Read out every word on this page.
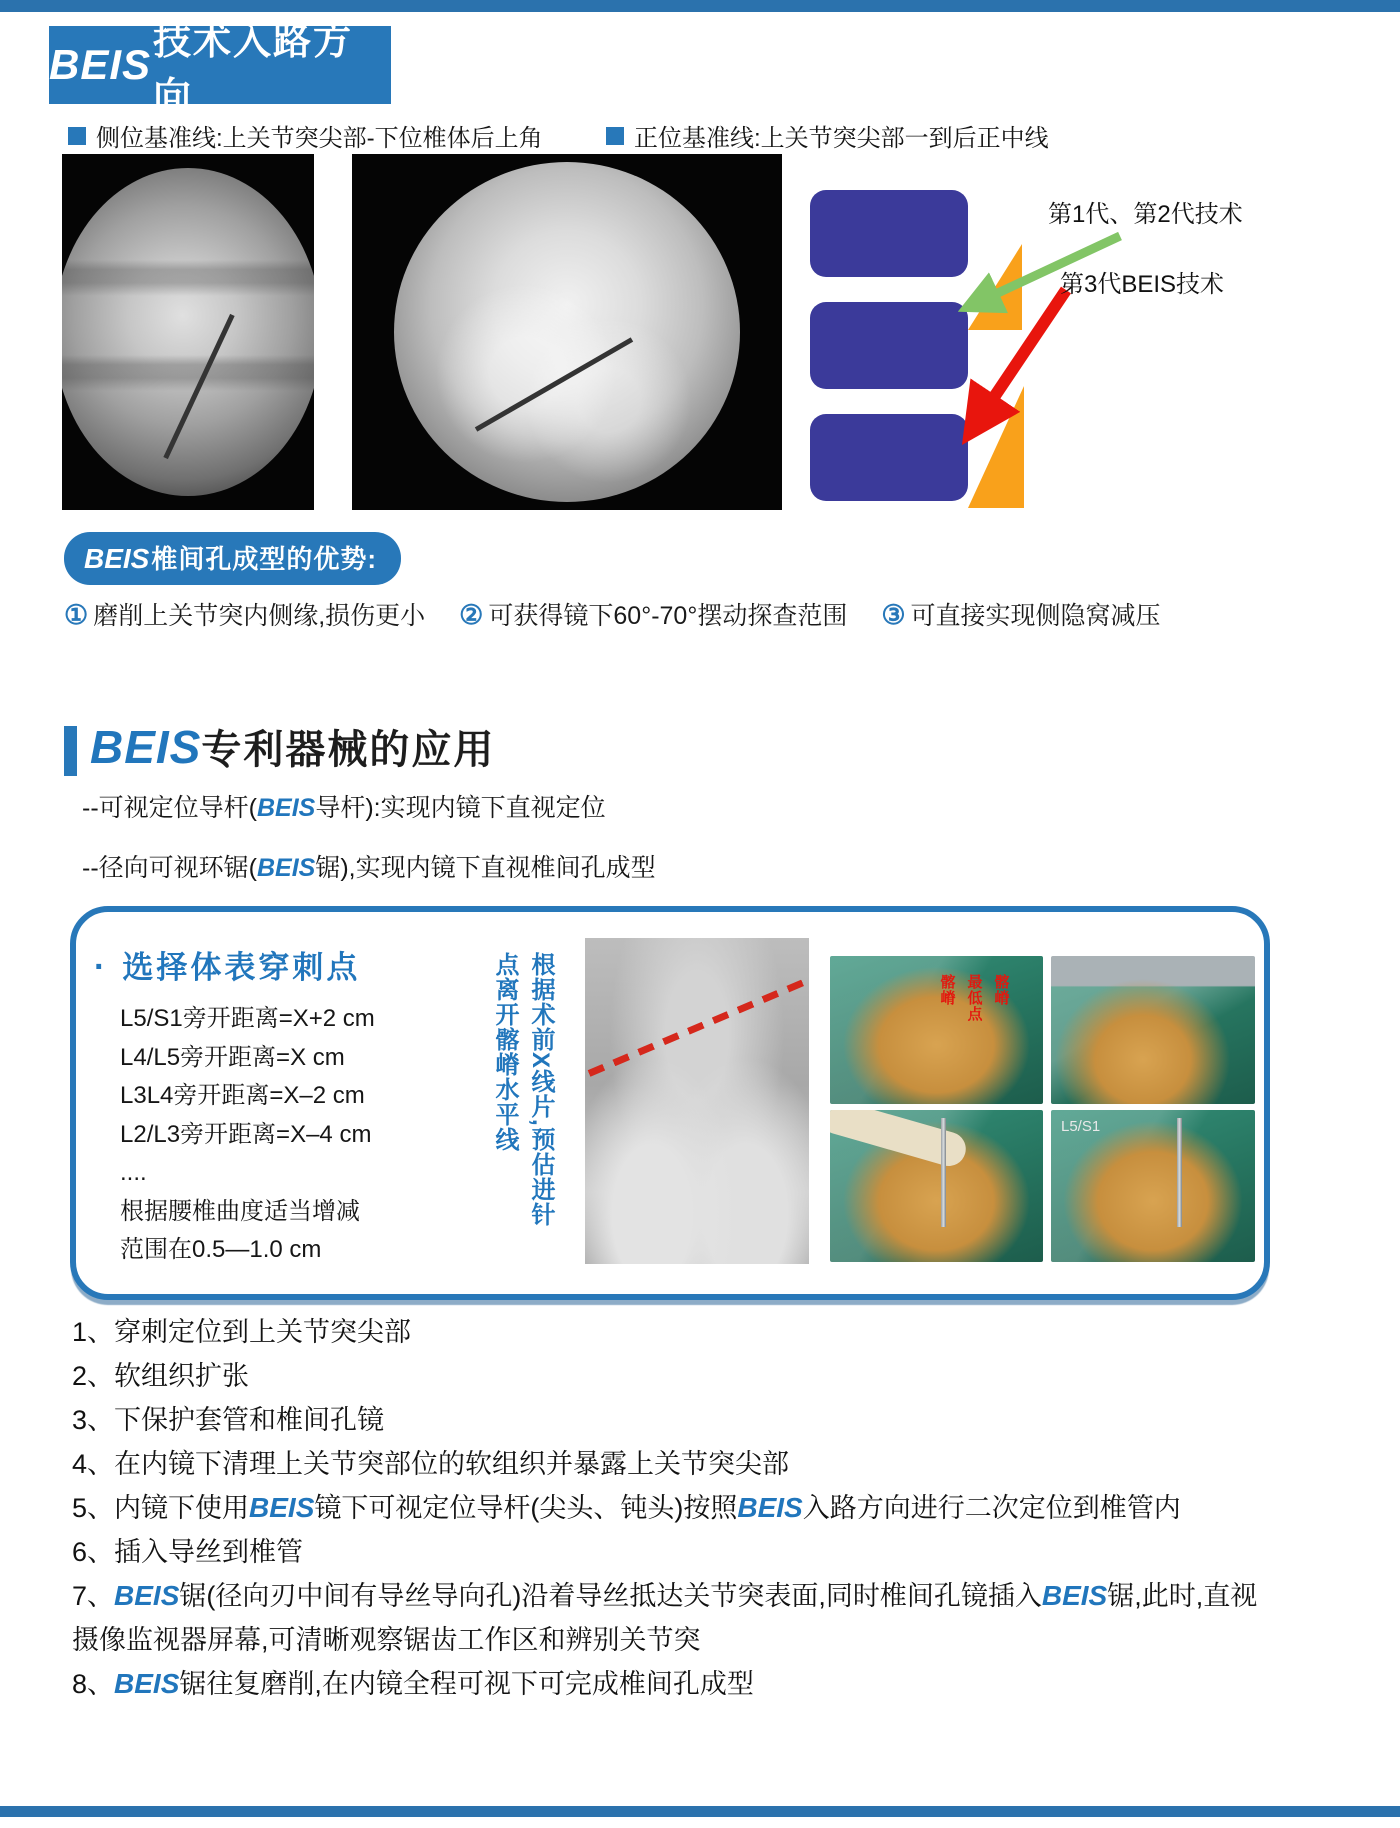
BEIS 技术入路方向
侧位基准线:上关节突尖部-下位椎体后上角	正位基准线:上关节突尖部一到后正中线
第1代、第2代技术
第3代BEIS技术
BEIS椎间孔成型的优势:
① 磨削上关节突内侧缘,损伤更小 ② 可获得镜下60°-70°摆动探查范围 ③ 可直接实现侧隐窝减压
BEIS专利器械的应用
--可视定位导杆(BEIS导杆):实现内镜下直视定位
--径向可视环锯(BEIS锯),实现内镜下直视椎间孔成型
· 选择体表穿刺点
L5/S1旁开距离=X+2 cm
L4/L5旁开距离=X cm
L3L4旁开距离=X–2 cm
L2/L3旁开距离=X–4 cm
....
根据腰椎曲度适当增减
范围在0.5—1.0 cm
根据术前X线片,预估进针
点离开髂嵴水平线	髂嵴
最低点
髂嵴
L5/S1
1、穿刺定位到上关节突尖部
2、软组织扩张
3、下保护套管和椎间孔镜
4、在内镜下清理上关节突部位的软组织并暴露上关节突尖部
5、内镜下使用BEIS镜下可视定位导杆(尖头、钝头)按照BEIS入路方向进行二次定位到椎管内
6、插入导丝到椎管
7、BEIS锯(径向刃中间有导丝导向孔)沿着导丝抵达关节突表面,同时椎间孔镜插入BEIS锯,此时,直视摄像监视器屏幕,可清晰观察锯齿工作区和辨别关节突
8、BEIS锯往复磨削,在内镜全程可视下可完成椎间孔成型
